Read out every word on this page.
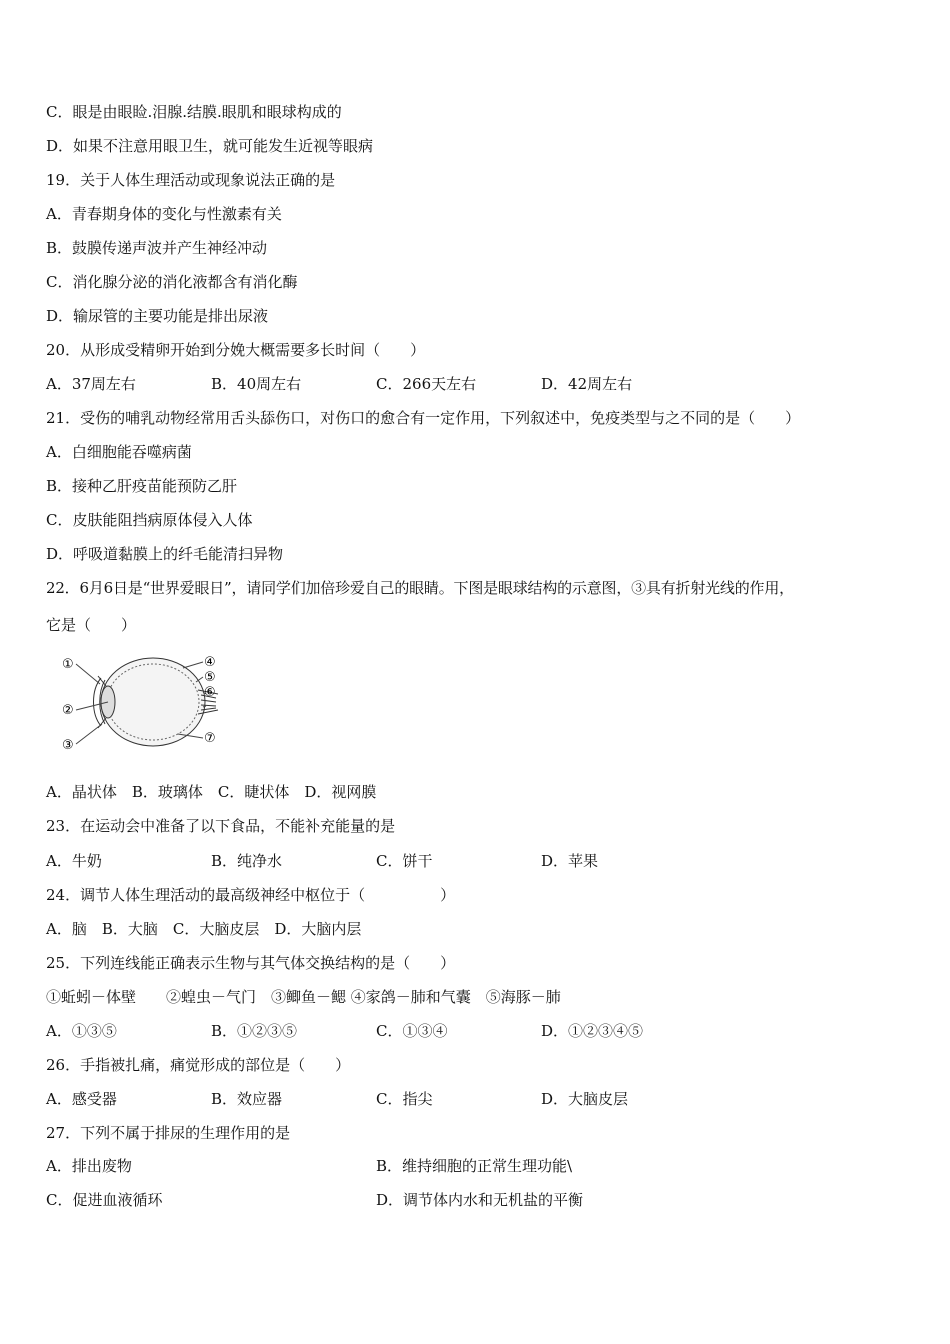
C．眼是由眼睑.泪腺.结膜.眼肌和眼球构成的
D．如果不注意用眼卫生，就可能发生近视等眼病
19．关于人体生理活动或现象说法正确的是
A．青春期身体的变化与性激素有关
B．鼓膜传递声波并产生神经冲动
C．消化腺分泌的消化液都含有消化酶
D．输尿管的主要功能是排出尿液
20．从形成受精卵开始到分娩大概需要多长时间（　　）
A．37周左右	B．40周左右	C．266天左右	D．42周左右
21．受伤的哺乳动物经常用舌头舔伤口，对伤口的愈合有一定作用，下列叙述中，免疫类型与之不同的是（　　）
A．白细胞能吞噬病菌
B．接种乙肝疫苗能预防乙肝
C．皮肤能阻挡病原体侵入人体
D．呼吸道黏膜上的纤毛能清扫异物
22．6月6日是“世界爱眼日”，请同学们加倍珍爱自己的眼睛。下图是眼球结构的示意图，③具有折射光线的作用，
它是（　　）
①
②
③
④
⑤
⑥
⑦
A．晶状体　B．玻璃体　C．睫状体　D．视网膜
23．在运动会中准备了以下食品，不能补充能量的是
A．牛奶	B．纯净水	C．饼干	D．苹果
24．调节人体生理活动的最高级神经中枢位于（　　　　　）
A．脑　B．大脑　C．大脑皮层　D．大脑内层
25．下列连线能正确表示生物与其气体交换结构的是（　　）
①蚯蚓－体壁　　②蝗虫－气门　③鲫鱼－鳃 ④家鸽－肺和气囊　⑤海豚－肺
A．①③⑤	B．①②③⑤	C．①③④	D．①②③④⑤
26．手指被扎痛，痛觉形成的部位是（　　）
A．感受器	B．效应器	C．指尖	D．大脑皮层
27．下列不属于排尿的生理作用的是
A．排出废物	B．维持细胞的正常生理功能\
C．促进血液循环	D．调节体内水和无机盐的平衡
